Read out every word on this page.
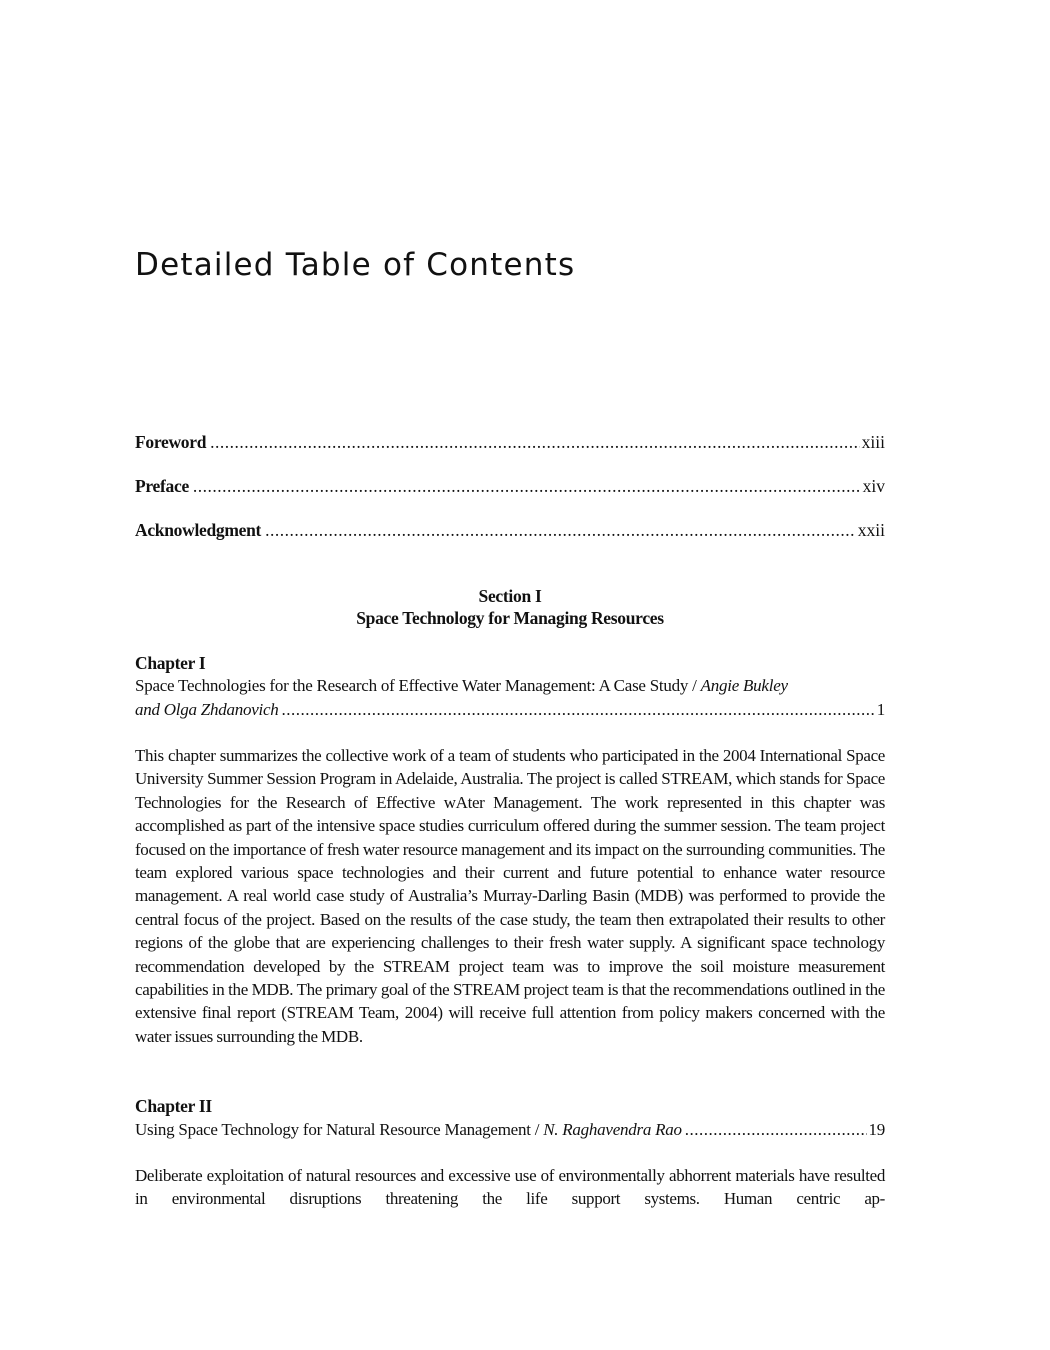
Detailed Table of Contents
Foreword .....	xiii
Preface .....	xiv
Acknowledgment .....	xxii
Section I
Space Technology for Managing Resources
Chapter I
Space Technologies for the Research of Effective Water Management: A Case Study / Angie Bukley
and Olga Zhdanovich .....	1

This chapter summarizes the collective work of a team of students who participated in the 2004 International Space University Summer Session Program in Adelaide, Australia. The project is called STREAM, which stands for Space Technologies for the Research of Effective wAter Management. The work represented in this chapter was accomplished as part of the intensive space studies curriculum offered during the summer session. The team project focused on the importance of fresh water resource management and its impact on the surrounding communities. The team explored various space technologies and their current and future potential to enhance water resource management. A real world case study of Australia’s Murray-Darling Basin (MDB) was performed to provide the central focus of the project. Based on the results of the case study, the team then extrapolated their results to other regions of the globe that are experiencing challenges to their fresh water supply. A significant space technology recommendation developed by the STREAM project team was to improve the soil moisture measurement capabilities in the MDB. The primary goal of the STREAM project team is that the recommendations outlined in the extensive final report (STREAM Team, 2004) will receive full attention from policy makers concerned with the water issues surrounding the MDB.

Chapter II
Using Space Technology for Natural Resource Management / N. Raghavendra Rao .....	19

Deliberate exploitation of natural resources and excessive use of environmentally abhorrent materials have resulted in environmental disruptions threatening the life support systems. Human centric ap-
